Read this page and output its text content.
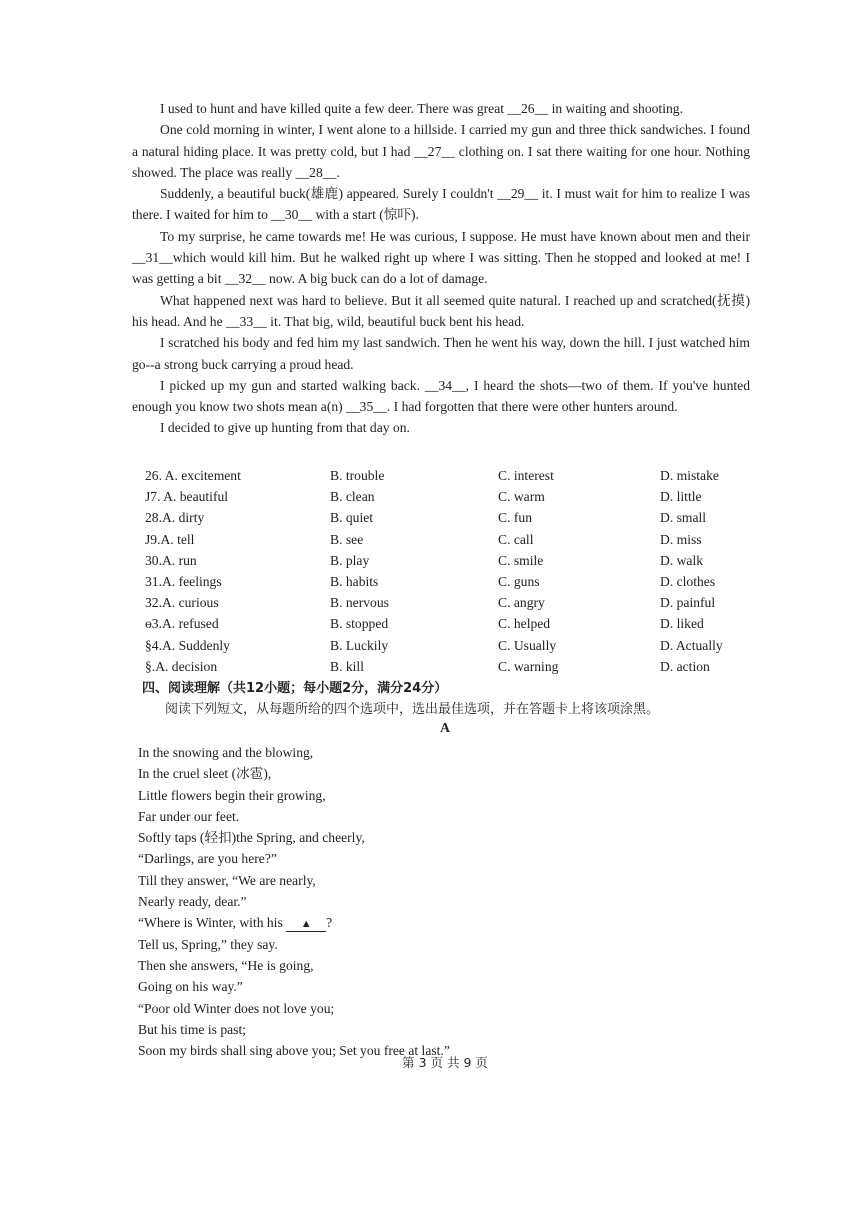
I used to hunt and have killed quite a few deer. There was great __26__ in waiting and shooting.

One cold morning in winter, I went alone to a hillside. I carried my gun and three thick sandwiches. I found a natural hiding place. It was pretty cold, but I had __27__ clothing on. I sat there waiting for one hour. Nothing showed. The place was really __28__.

Suddenly, a beautiful buck(雄鹿) appeared. Surely I couldn't __29__ it. I must wait for him to realize I was there. I waited for him to __30__ with a start (惊吓).

To my surprise, he came towards me! He was curious, I suppose. He must have known about men and their __31__which would kill him. But he walked right up where I was sitting. Then he stopped and looked at me! I was getting a bit __32__ now. A big buck can do a lot of damage.

What happened next was hard to believe. But it all seemed quite natural. I reached up and scratched(抚摸) his head. And he __33__ it. That big, wild, beautiful buck bent his head.

I scratched his body and fed him my last sandwich. Then he went his way, down the hill. I just watched him go--a strong buck carrying a proud head.

I picked up my gun and started walking back. __34__, I heard the shots—two of them. If you've hunted enough you know two shots mean a(n) __35__. I had forgotten that there were other hunters around.

I decided to give up hunting from that day on.

26. A. excitement	B. trouble	C. interest	D. mistake
J7. A. beautiful	B. clean	C. warm	D. little
28.A. dirty	B. quiet	C. fun	D. small
J9.A. tell	B. see	C. call	D. miss
30.A. run	B. play	C. smile	D. walk
31.A. feelings	B. habits	C. guns	D. clothes
32.A. curious	B. nervous	C. angry	D. painful
ɵ3.A. refused	B. stopped	C. helped	D. liked
§4.A. Suddenly	B. Luckily	C. Usually	D. Actually
§.A. decision	B. kill	C. warning	D. action

四、阅读理解（共12小题；每小题2分，满分24分）

阅读下列短文，从每题所给的四个选项中，选出最佳选项，并在答题卡上将该项涂黑。

A

In the snowing and the blowing,
In the cruel sleet (冰雹),
Little flowers begin their growing,
Far under our feet.
Softly taps (轻扣)the Spring, and cheerly,
“Darlings, are you here?”
Till they answer, “We are nearly,
Nearly ready, dear.”
“Where is Winter, with his ▲ ?
Tell us, Spring,” they say.
Then she answers, “He is going,
Going on his way.”
“Poor old Winter does not love you;
But his time is past;
Soon my birds shall sing above you; Set you free at last.”

第 3 页 共 9 页
